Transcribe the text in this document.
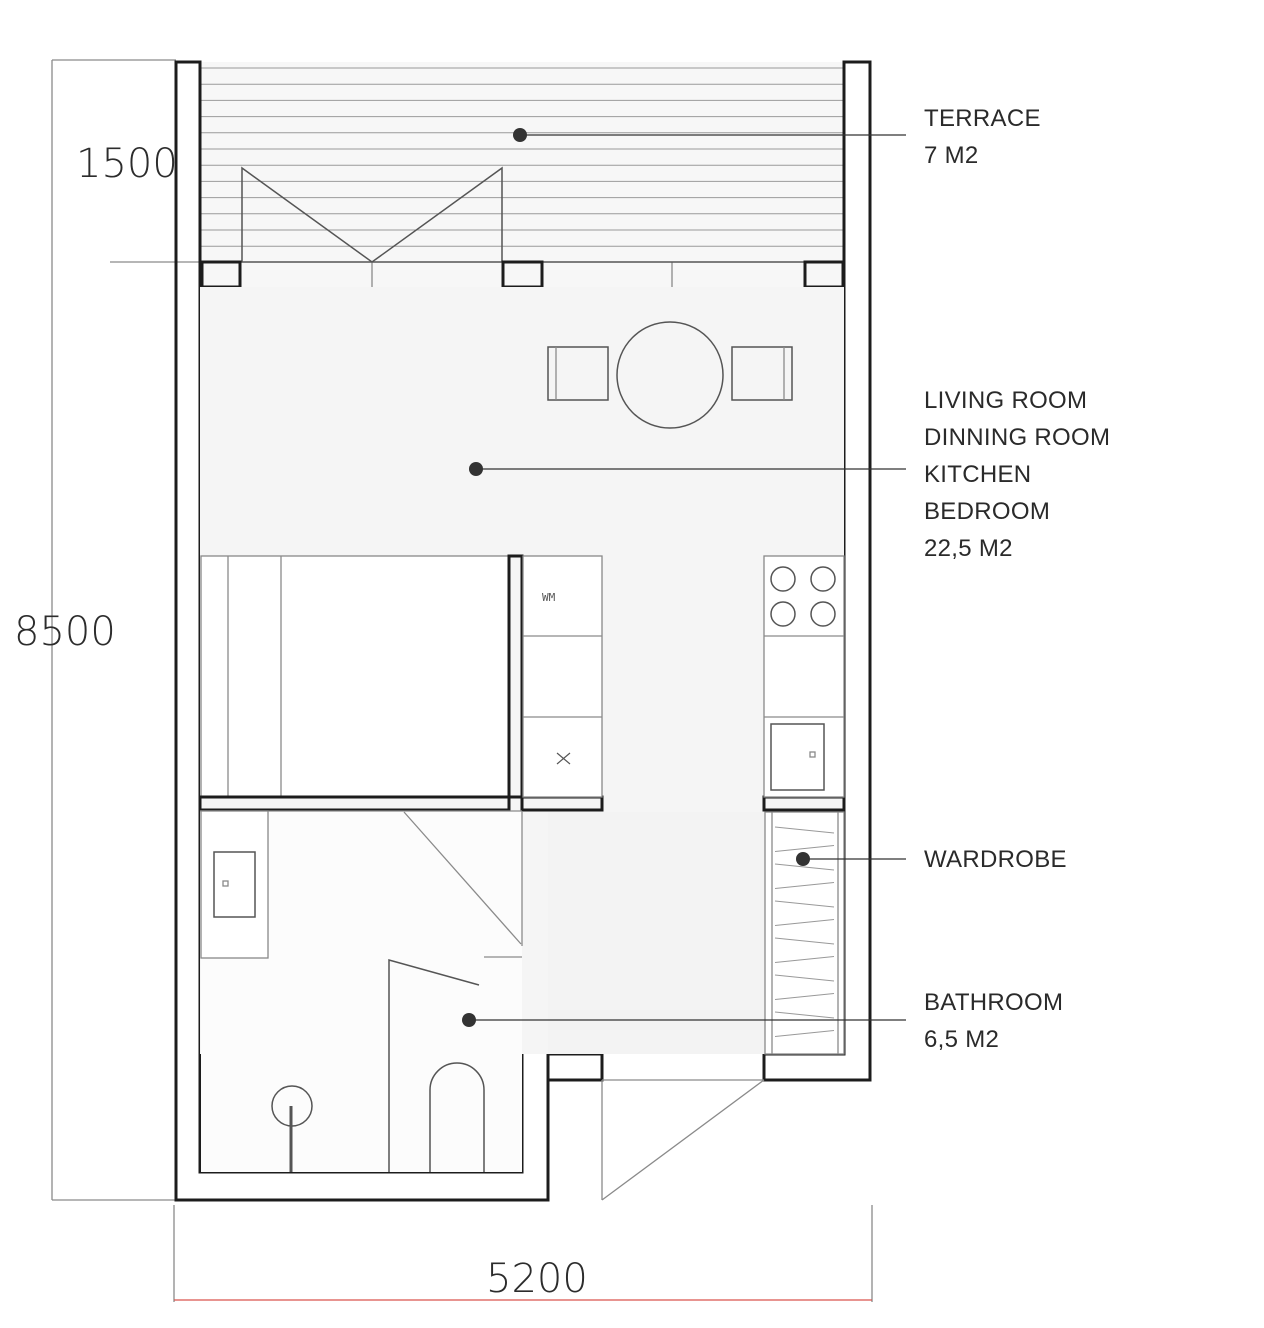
1500
8500
5200
WM
TERRACE
7 M2
LIVING ROOM
DINNING ROOM
KITCHEN
BEDROOM
22,5 M2
WARDROBE
BATHROOM
6,5 M2
